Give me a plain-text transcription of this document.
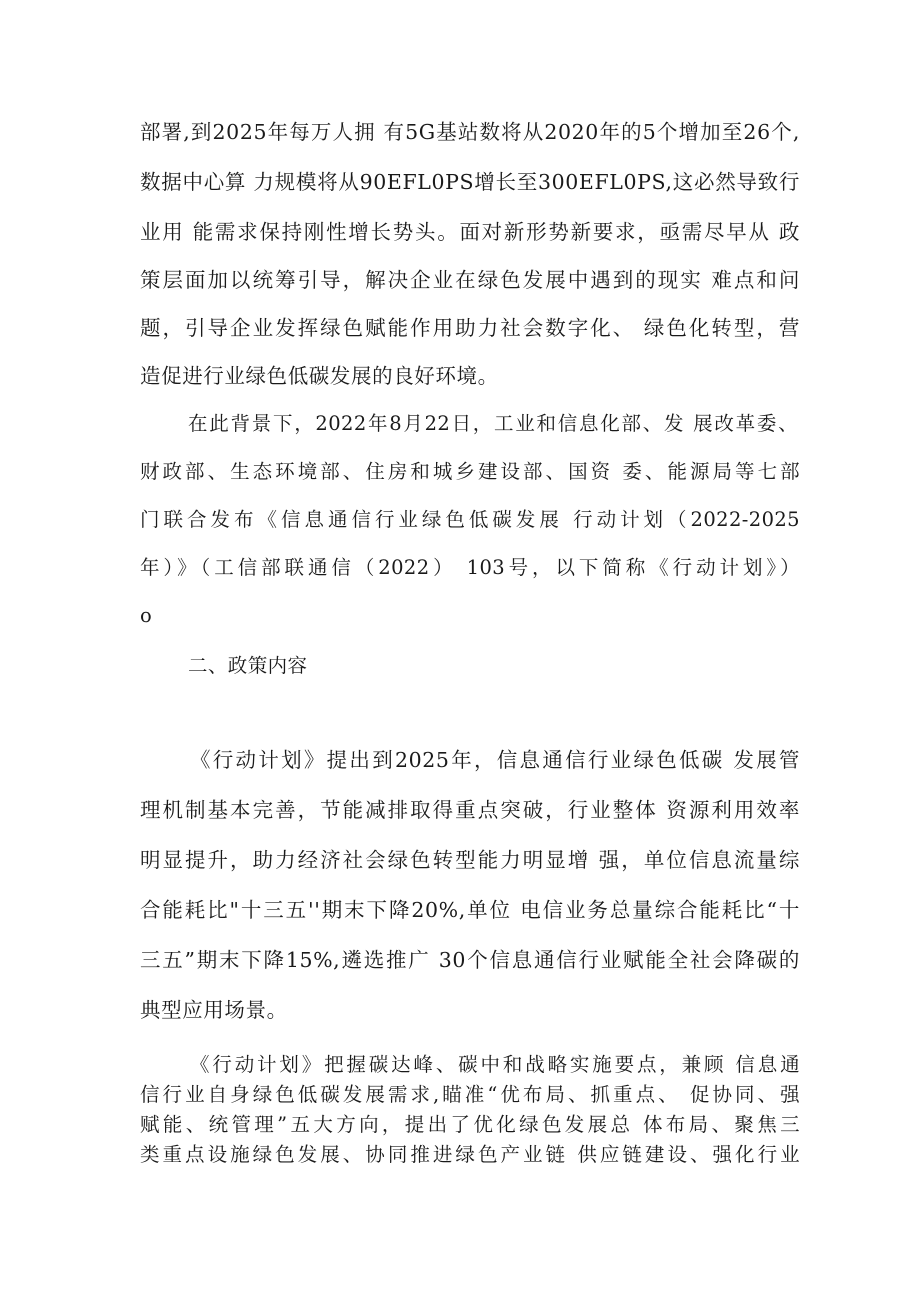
部署,到2025年每万人拥 有5G基站数将从2020年的5个增加至26个,
数据中心算 力规模将从90EFL0PS增长至300EFL0PS,这必然导致行
业用 能需求保持刚性增长势头。面对新形势新要求，亟需尽早从 政
策层面加以统筹引导，解决企业在绿色发展中遇到的现实 难点和问
题，引导企业发挥绿色赋能作用助力社会数字化、 绿色化转型，营
造促进行业绿色低碳发展的良好环境。
在此背景下，2022年8月22日，工业和信息化部、发 展改革委、
财政部、生态环境部、住房和城乡建设部、国资 委、能源局等七部
门联合发布《信息通信行业绿色低碳发展 行动计划（2022-2025
年）》（工信部联通信（2022） 103号，以下简称《行动计划》）
o
二、政策内容
《行动计划》提出到2025年，信息通信行业绿色低碳 发展管
理机制基本完善，节能减排取得重点突破，行业整体 资源利用效率
明显提升，助力经济社会绿色转型能力明显增 强，单位信息流量综
合能耗比"十三五''期末下降20%,单位 电信业务总量综合能耗比“十
三五”期末下降15%,遴选推广 30个信息通信行业赋能全社会降碳的
典型应用场景。
《行动计划》把握碳达峰、碳中和战略实施要点，兼顾 信息通
信行业自身绿色低碳发展需求,瞄准“优布局、抓重点、 促协同、强
赋能、统管理”五大方向，提出了优化绿色发展总 体布局、聚焦三
类重点设施绿色发展、协同推进绿色产业链 供应链建设、强化行业
